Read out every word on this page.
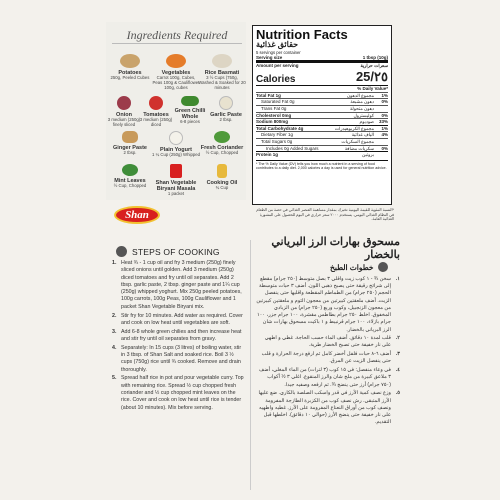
Ingredients Required
Potatoes
250g, Peeled Cubes
Vegetables
Carrot 100g, Cubes, Peas 100g & Cauliflower 100g, cubes
Rice Basmati
3 ½ Cups (750g, Washed & Soaked for 20 minutes
Onion
3 medium (250g) finely sliced
Tomatoes
3 medium (250g) diced
Green Chilli Whole
6-8 pieces
Garlic Paste
2 tbsp.
Ginger Paste
2 tbsp.	Plain Yogurt
1 ¼ Cup (250g) Whipped
Fresh Coriander
½ Cup, Chopped
Mint Leaves
½ Cup, Chopped	Shan Vegetable Biryani Masala
1 packet
Cooking Oil
¾ Cup
Shan
Nutrition Facts
حقائق غذائية
5 servings per container
Serving size	1 tbsp (10g)
Amount per serving	سعرات حرارية
Calories	25/٢٥
% Daily Value*
Total Fat 1g	مجموع الدهون	1%
Saturated Fat 0g	دهون مشبعة	0%
Trans Fat 0g	دهون متحولة
Cholesterol 0mg	كوليسترول	0%
Sodium 800mg	صوديوم 33%
Total Carbohydrate 4g	مجموع الكربوهيدرات	1%
Dietary Fiber 1g	ألياف غذائية	4%
Total Sugars 0g	مجموع السكريات
Includes 0g Added Sugars	سكريات مضافة	0%
Protein 1g	بروتين
* The % Daily Value (DV) tells you how much a nutrient in a serving of food contributes to a daily diet. 2,000 calories a day is used for general nutrition advice.
*النسبة المئوية للقيمة اليومية تخبرك بمقدار مساهمة العنصر الغذائي في حصة من الطعام في النظام الغذائي اليومي. يستخدم ٢٠٠٠ سعر حراري في اليوم للحصول على المشورة الغذائية العامة.
مسحوق بهارات الرز البرياني بالخضار
STEPS OF COOKING
1. Heat ¾ - 1 cup oil and fry 3 medium (250g) finely sliced onions until golden. Add 3 medium (250g) diced tomatoes and fry until oil separates. Add 2 tbsp. garlic paste, 2 tbsp. ginger paste and 1¼ cup (250g) whipped yoghurt. Mix 250g peeled potatoes, 100g carrots, 100g Peas, 100g Cauliflower and 1 packet Shan Vegetable Biryani mix.
2. Stir fry for 10 minutes. Add water as required. Cover and cook on low heat until vegetables are soft.
3. Add 6-8 whole green chilies and then increase heat and stir fry until oil separates from gravy.
4. Separately: In 15 cups (3 litres) of boiling water, stir in 3 tbsp. of Shan Salt and soaked rice. Boil 3 ½ cups (750g) rice until ¾ cooked. Remove and drain thoroughly.
5. Spread half rice in pot and pour vegetable curry. Top with remaining rice. Spread ½ cup chopped fresh coriander and ½ cup chopped mint leaves on the rice. Cover and cook on low heat until rice is tender (about 10 minutes). Mix before serving.
خطوات الطبخ
١.
سخن ¾ - ١ كوب زيت واقلي ٣ بصل متوسط (٢٥٠ جرام) مقطع إلى شرائح رقيقة حتى يصبح ذهبي اللون. أضف ٣ حبات متوسطة الحجم (٢٥٠ جرام) من الطماطم المقطعة واقليها حتى ينفصل الزيت. أضف ملعقتين كبيرتين من معجون الثوم و ملعقتين كبيرتين من معجون الزنجبيل، وكوب وربع (٢٥٠ جرام) من الزبادي المخفوق. اخلط ٢٥٠ جرام بطاطس مقشرة، ١٠٠ جرام جزر، ١٠٠ جرام بازلاء، ١٠٠ جرام قرنبيط و ١ باكيت مسحوق بهارات شان الرز البرياني بالخضار.
٢.
قلب لمدة ١٠ دقائق. أضف الماء حسب الحاجة. غطي و اطهي على نار خفيفة حتى تصبح الخضار طرية.
٣.
أضف ٦-٨ حبات فلفل أخضر كامل ثم ارفع درجة الحرارة و قلب حتى ينفصل الزيت عن المرق.
٤.
في وعاء منفصل: في ١٥ كوب (٣ لترات) من الماء المغلي، أضف ٣ ملاعق كبيرة من ملح شان والرز المنقوع. اغلي ٣ ½ أكواب (٧٥٠ جرام) أرز حتى ينضج ¾. ثم ارفعه وصفيه جيدا.
٥.
وزع نصف كمية الأرز في قدر واسكب الصلصة بالكاري. ضع عليها الأرز المتبقي. رش نصف كوب من الكزبرة الطازجة المفرومة ونصف كوب من أوراق النعناع المفرومة على الأرز. غطيه واطهيه على نار خفيفة حتى ينضج الأرز (حوالي ١٠ دقائق). اخلطها قبل التقديم.
